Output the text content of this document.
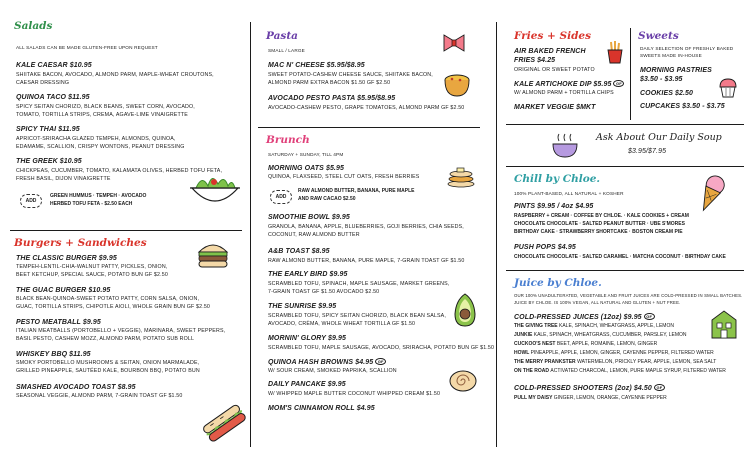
Salads
ALL SALADS CAN BE MADE GLUTEN-FREE UPON REQUEST
KALE CAESAR $10.95
SHIITAKE BACON, AVOCADO, ALMOND PARM, MAPLE-WHEAT CROUTONS,
CAESAR DRESSING
QUINOA TACO $11.95
SPICY SEITAN CHORIZO, BLACK BEANS, SWEET CORN, AVOCADO,
TOMATO, TORTILLA STRIPS, CREMA, AGAVE-LIME VINAIGRETTE
SPICY THAI $11.95
APRICOT-SRIRACHA GLAZED TEMPEH, ALMONDS, QUINOA,
EDAMAME, SCALLION, CRISPY WONTONS, PEANUT DRESSING
THE GREEK $10.95
CHICKPEAS, CUCUMBER, TOMATO, KALAMATA OLIVES, HERBED TOFU FETA,
FRESH BASIL, DIJON VINAIGRETTE
ADD
GREEN HUMMUS · TEMPEH · AVOCADO
HERBED TOFU FETA - $2.50 EACH
Burgers + Sandwiches
THE CLASSIC BURGER $9.95
TEMPEH-LENTIL-CHIA-WALNUT PATTY, PICKLES, ONION,
BEET KETCHUP, SPECIAL SAUCE, POTATO BUN GF $2.50
THE GUAC BURGER $10.95
BLACK BEAN-QUINOA-SWEET POTATO PATTY, CORN SALSA, ONION,
GUAC, TORTILLA STRIPS, CHIPOTLE AIOLI, WHOLE GRAIN BUN GF $2.50
PESTO MEATBALL $9.95
ITALIAN MEATBALLS (PORTOBELLO + VEGGIE), MARINARA, SWEET PEPPERS,
BASIL PESTO, CASHEW MOZZ, ALMOND PARM, POTATO SUB ROLL
WHISKEY BBQ $11.95
SMOKY PORTOBELLO MUSHROOMS & SEITAN, ONION MARMALADE,
GRILLED PINEAPPLE, SAUTÉED KALE, BOURBON BBQ, POTATO BUN
SMASHED AVOCADO TOAST $8.95
SEASONAL VEGGIE, ALMOND PARM, 7-GRAIN TOAST GF $1.50
Pasta
SMALL / LARGE
MAC N' CHEESE $5.95/$8.95
SWEET POTATO-CASHEW CHEESE SAUCE, SHIITAKE BACON,
ALMOND PARM EXTRA BACON $1.50 GF $2.50
AVOCADO PESTO PASTA $5.95/$8.95
AVOCADO-CASHEW PESTO, GRAPE TOMATOES, ALMOND PARM GF $2.50
Brunch
SATURDAY + SUNDAY, TILL 4PM
MORNING OATS $5.95
QUINOA, FLAXSEED, STEEL CUT OATS, FRESH BERRIES
ADD
RAW ALMOND BUTTER, BANANA, PURE MAPLE
AND RAW CACAO $2.50
SMOOTHIE BOWL $9.95
GRANOLA, BANANA, APPLE, BLUEBERRIES, GOJI BERRIES, CHIA SEEDS,
COCONUT, RAW ALMOND BUTTER
A&B TOAST $8.95
RAW ALMOND BUTTER, BANANA, PURE MAPLE, 7-GRAIN TOAST GF $1.50
THE EARLY BIRD $9.95
SCRAMBLED TOFU, SPINACH, MAPLE SAUSAGE, MARKET GREENS,
7-GRAIN TOAST GF $1.50 AVOCADO $2.50
THE SUNRISE $9.95
SCRAMBLED TOFU, SPICY SEITAN CHORIZO, BLACK BEAN SALSA,
AVOCADO, CRÈMA, WHOLE WHEAT TORTILLA GF $1.50
MORNIN' GLORY $9.95
SCRAMBLED TOFU, MAPLE SAUSAGE, AVOCADO, SRIRACHA, POTATO BUN GF $1.50
QUINOA HASH BROWNS $4.95 GF
W/ SOUR CREAM, SMOKED PAPRIKA, SCALLION
DAILY PANCAKE $9.95
W/ WHIPPED MAPLE BUTTER COCONUT WHIPPED CREAM $1.50
MOM'S CINNAMON ROLL $4.95
Fries + Sides
AIR BAKED FRENCH
FRIES $4.25
ORIGINAL OR SWEET POTATO
KALE ARTICHOKE DIP $5.95 GF
W/ ALMOND PARM + TORTILLA CHIPS
MARKET VEGGIE $MKT
Sweets
DAILY SELECTION OF FRESHLY BAKED
SWEETS MADE IN-HOUSE
MORNING PASTRIES
$3.50 - $3.95
COOKIES $2.50
CUPCAKES $3.50 - $3.75
Ask About Our Daily Soup
$3.95/$7.95
Chill by Chloe.
100% PLANT-BASED, ALL NATURAL + KOSHER
PINTS $9.95 / 4oz $4.95
RASPBERRY + CREAM · COFFEE BY CHLOE. · KALE COOKIES + CREAM
CHOCOLATE CHOCOLATE · SALTED PEANUT BUTTER · UBE S'MORES
BIRTHDAY CAKE · STRAWBERRY SHORTCAKE · BOSTON CREAM PIE
PUSH POPS $4.95
CHOCOLATE CHOCOLATE · SALTED CARAMEL · MATCHA COCONUT · BIRTHDAY CAKE
Juice by Chloe.
OUR 100% UNADULTERATED, VEGETABLE AND FRUIT JUICES ARE COLD-PRESSED IN SMALL BATCHES.
JUICE BY CHLOE. IS 100% VEGAN, ALL NATURAL AND GLUTEN + NUT FREE.
COLD-PRESSED JUICES (12oz) $9.95 GF
THE GIVING TREE KALE, SPINACH, WHEATGRASS, APPLE, LEMON
JUNKIE KALE, SPINACH, WHEATGRASS, CUCUMBER, PARSLEY, LEMON
CUCKOO'S NEST BEET, APPLE, ROMAINE, LEMON, GINGER
HOWL PINEAPPLE, APPLE, LEMON, GINGER, CAYENNE PEPPER, FILTERED WATER
THE MERRY PRANKSTER WATERMELON, PRICKLY PEAR, APPLE, LEMON, SEA SALT
ON THE ROAD ACTIVATED CHARCOAL, LEMON, PURE MAPLE SYRUP, FILTERED WATER
COLD-PRESSED SHOOTERS (2oz) $4.50 GF
PULL MY DAISY GINGER, LEMON, ORANGE, CAYENNE PEPPER
